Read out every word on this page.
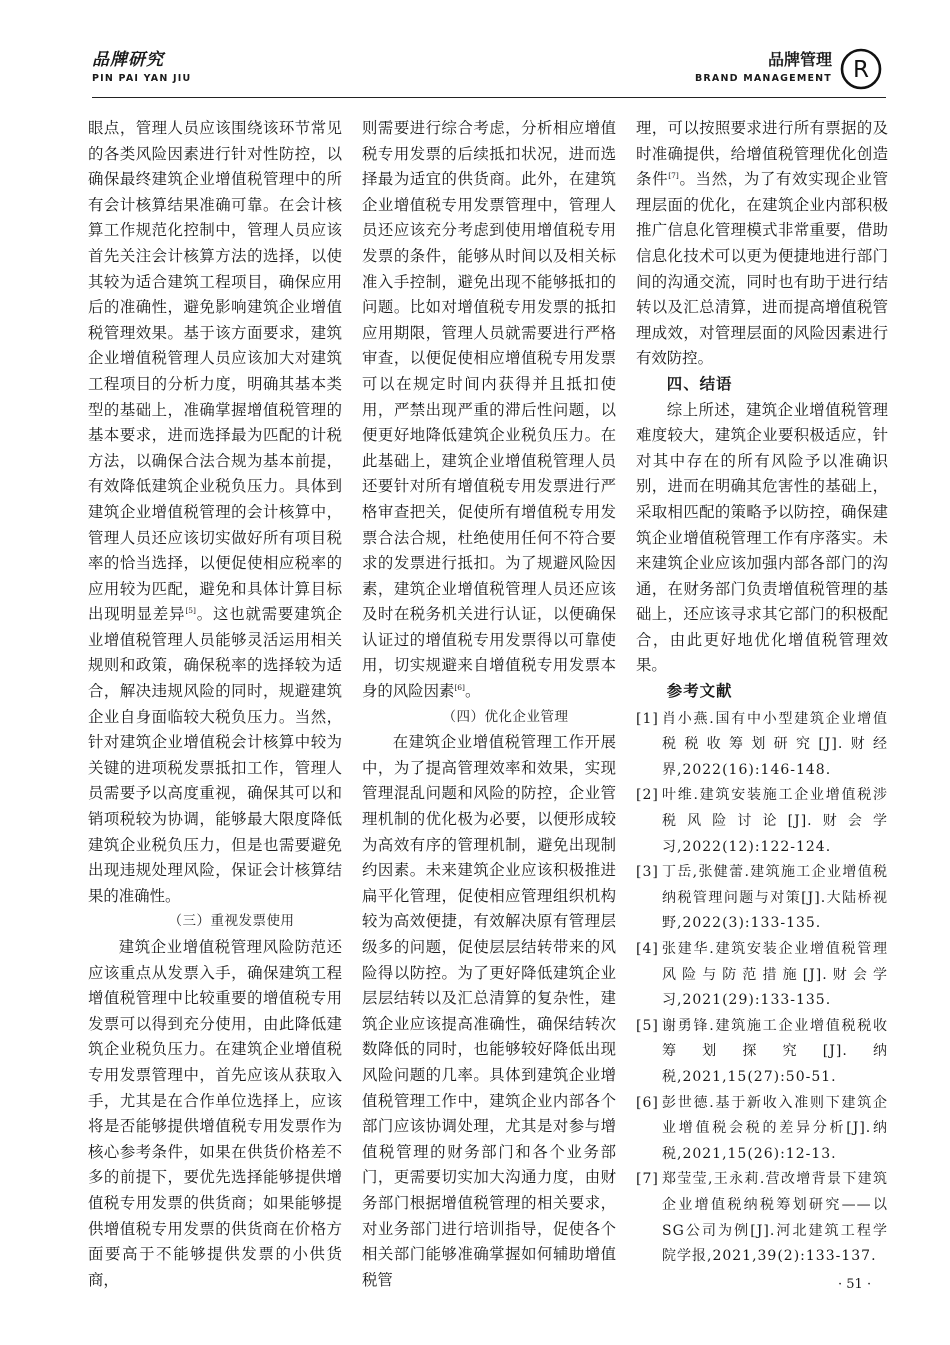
品牌研究
PIN PAI YAN JIU
品牌管理
BRAND MANAGEMENT R

眼点，管理人员应该围绕该环节常见的各类风险因素进行针对性防控，以确保最终建筑企业增值税管理中的所有会计核算结果准确可靠。在会计核算工作规范化控制中，管理人员应该首先关注会计核算方法的选择，以使其较为适合建筑工程项目，确保应用后的准确性，避免影响建筑企业增值税管理效果。基于该方面要求，建筑企业增值税管理人员应该加大对建筑工程项目的分析力度，明确其基本类型的基础上，准确掌握增值税管理的基本要求，进而选择最为匹配的计税方法，以确保合法合规为基本前提，有效降低建筑企业税负压力。具体到建筑企业增值税管理的会计核算中，管理人员还应该切实做好所有项目税率的恰当选择，以便促使相应税率的应用较为匹配，避免和具体计算目标出现明显差异[5]。这也就需要建筑企业增值税管理人员能够灵活运用相关规则和政策，确保税率的选择较为适合，解决违规风险的同时，规避建筑企业自身面临较大税负压力。当然，针对建筑企业增值税会计核算中较为关键的进项税发票抵扣工作，管理人员需要予以高度重视，确保其可以和销项税较为协调，能够最大限度降低建筑企业税负压力，但是也需要避免出现违规处理风险，保证会计核算结果的准确性。

（三）重视发票使用

建筑企业增值税管理风险防范还应该重点从发票入手，确保建筑工程增值税管理中比较重要的增值税专用发票可以得到充分使用，由此降低建筑企业税负压力。在建筑企业增值税专用发票管理中，首先应该从获取入手，尤其是在合作单位选择上，应该将是否能够提供增值税专用发票作为核心参考条件，如果在供货价格差不多的前提下，要优先选择能够提供增值税专用发票的供货商；如果能够提供增值税专用发票的供货商在价格方面要高于不能够提供发票的小供货商，

则需要进行综合考虑，分析相应增值税专用发票的后续抵扣状况，进而选择最为适宜的供货商。此外，在建筑企业增值税专用发票管理中，管理人员还应该充分考虑到使用增值税专用发票的条件，能够从时间以及相关标准入手控制，避免出现不能够抵扣的问题。比如对增值税专用发票的抵扣应用期限，管理人员就需要进行严格审查，以便促使相应增值税专用发票可以在规定时间内获得并且抵扣使用，严禁出现严重的滞后性问题，以便更好地降低建筑企业税负压力。在此基础上，建筑企业增值税管理人员还要针对所有增值税专用发票进行严格审查把关，促使所有增值税专用发票合法合规，杜绝使用任何不符合要求的发票进行抵扣。为了规避风险因素，建筑企业增值税管理人员还应该及时在税务机关进行认证，以便确保认证过的增值税专用发票得以可靠使用，切实规避来自增值税专用发票本身的风险因素[6]。

（四）优化企业管理

在建筑企业增值税管理工作开展中，为了提高管理效率和效果，实现管理混乱问题和风险的防控，企业管理机制的优化极为必要，以便形成较为高效有序的管理机制，避免出现制约因素。未来建筑企业应该积极推进扁平化管理，促使相应管理组织机构较为高效便捷，有效解决原有管理层级多的问题，促使层层结转带来的风险得以防控。为了更好降低建筑企业层层结转以及汇总清算的复杂性，建筑企业应该提高准确性，确保结转次数降低的同时，也能够较好降低出现风险问题的几率。具体到建筑企业增值税管理工作中，建筑企业内部各个部门应该协调处理，尤其是对参与增值税管理的财务部门和各个业务部门，更需要切实加大沟通力度，由财务部门根据增值税管理的相关要求，对业务部门进行培训指导，促使各个相关部门能够准确掌握如何辅助增值税管

理，可以按照要求进行所有票据的及时准确提供，给增值税管理优化创造条件[7]。当然，为了有效实现企业管理层面的优化，在建筑企业内部积极推广信息化管理模式非常重要，借助信息化技术可以更为便捷地进行部门间的沟通交流，同时也有助于进行结转以及汇总清算，进而提高增值税管理成效，对管理层面的风险因素进行有效防控。

四、结语

综上所述，建筑企业增值税管理难度较大，建筑企业要积极适应，针对其中存在的所有风险予以准确识别，进而在明确其危害性的基础上，采取相匹配的策略予以防控，确保建筑企业增值税管理工作有序落实。未来建筑企业应该加强内部各部门的沟通，在财务部门负责增值税管理的基础上，还应该寻求其它部门的积极配合，由此更好地优化增值税管理效果。

参考文献

[1] 肖小燕.国有中小型建筑企业增值税税收筹划研究[J].财经界,2022(16):146-148.
[2] 叶维.建筑安装施工企业增值税涉税风险讨论[J].财会学习,2022(12):122-124.
[3] 丁岳,张健蕾.建筑施工企业增值税纳税管理问题与对策[J].大陆桥视野,2022(3):133-135.
[4] 张建华.建筑安装企业增值税管理风险与防范措施[J].财会学习,2021(29):133-135.
[5] 谢勇锋.建筑施工企业增值税税收筹划探究[J].纳税,2021,15(27):50-51.
[6] 彭世德.基于新收入准则下建筑企业增值税会税的差异分析[J].纳税,2021,15(26):12-13.
[7] 郑莹莹,王永莉.营改增背景下建筑企业增值税纳税筹划研究——以SG公司为例[J].河北建筑工程学院学报,2021,39(2):133-137.
· 51 ·
